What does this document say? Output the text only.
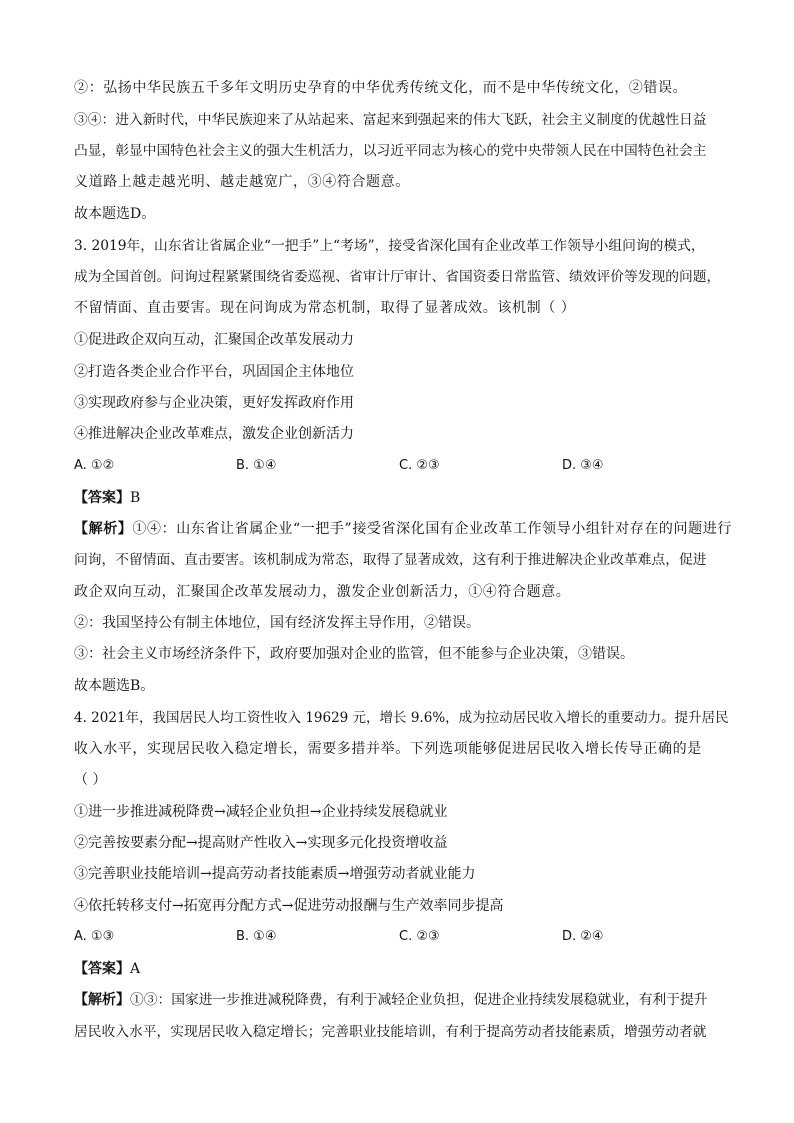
②：弘扬中华民族五千多年文明历史孕育的中华优秀传统文化，而不是中华传统文化，②错误。
③④：进入新时代，中华民族迎来了从站起来、富起来到强起来的伟大飞跃，社会主义制度的优越性日益
凸显，彰显中国特色社会主义的强大生机活力，以习近平同志为核心的党中央带领人民在中国特色社会主
义道路上越走越光明、越走越宽广，③④符合题意。
故本题选D。
3. 2019年，山东省让省属企业“一把手”上“考场”，接受省深化国有企业改革工作领导小组问询的模式，
成为全国首创。问询过程紧紧围绕省委巡视、省审计厅审计、省国资委日常监管、绩效评价等发现的问题，
不留情面、直击要害。现在问询成为常态机制，取得了显著成效。该机制（ ）
①促进政企双向互动，汇聚国企改革发展动力
②打造各类企业合作平台，巩固国企主体地位
③实现政府参与企业决策，更好发挥政府作用
④推进解决企业改革难点，激发企业创新活力
A. ①②	B. ①④	C. ②③	D. ③④
【答案】B
【解析】①④：山东省让省属企业“一把手”接受省深化国有企业改革工作领导小组针对存在的问题进行
问询，不留情面、直击要害。该机制成为常态，取得了显著成效，这有利于推进解决企业改革难点，促进
政企双向互动，汇聚国企改革发展动力，激发企业创新活力，①④符合题意。
②：我国坚持公有制主体地位，国有经济发挥主导作用，②错误。
③：社会主义市场经济条件下，政府要加强对企业的监管，但不能参与企业决策，③错误。
故本题选B。
4. 2021年，我国居民人均工资性收入 19629 元，增长 9.6%，成为拉动居民收入增长的重要动力。提升居民
收入水平，实现居民收入稳定增长，需要多措并举。下列选项能够促进居民收入增长传导正确的是
（ ）
①进一步推进减税降费→减轻企业负担→企业持续发展稳就业
②完善按要素分配→提高财产性收入→实现多元化投资增收益
③完善职业技能培训→提高劳动者技能素质→增强劳动者就业能力
④依托转移支付→拓宽再分配方式→促进劳动报酬与生产效率同步提高
A. ①③	B. ①④	C. ②③	D. ②④
【答案】A
【解析】①③：国家进一步推进减税降费，有利于减轻企业负担，促进企业持续发展稳就业，有利于提升
居民收入水平，实现居民收入稳定增长；完善职业技能培训，有利于提高劳动者技能素质，增强劳动者就
